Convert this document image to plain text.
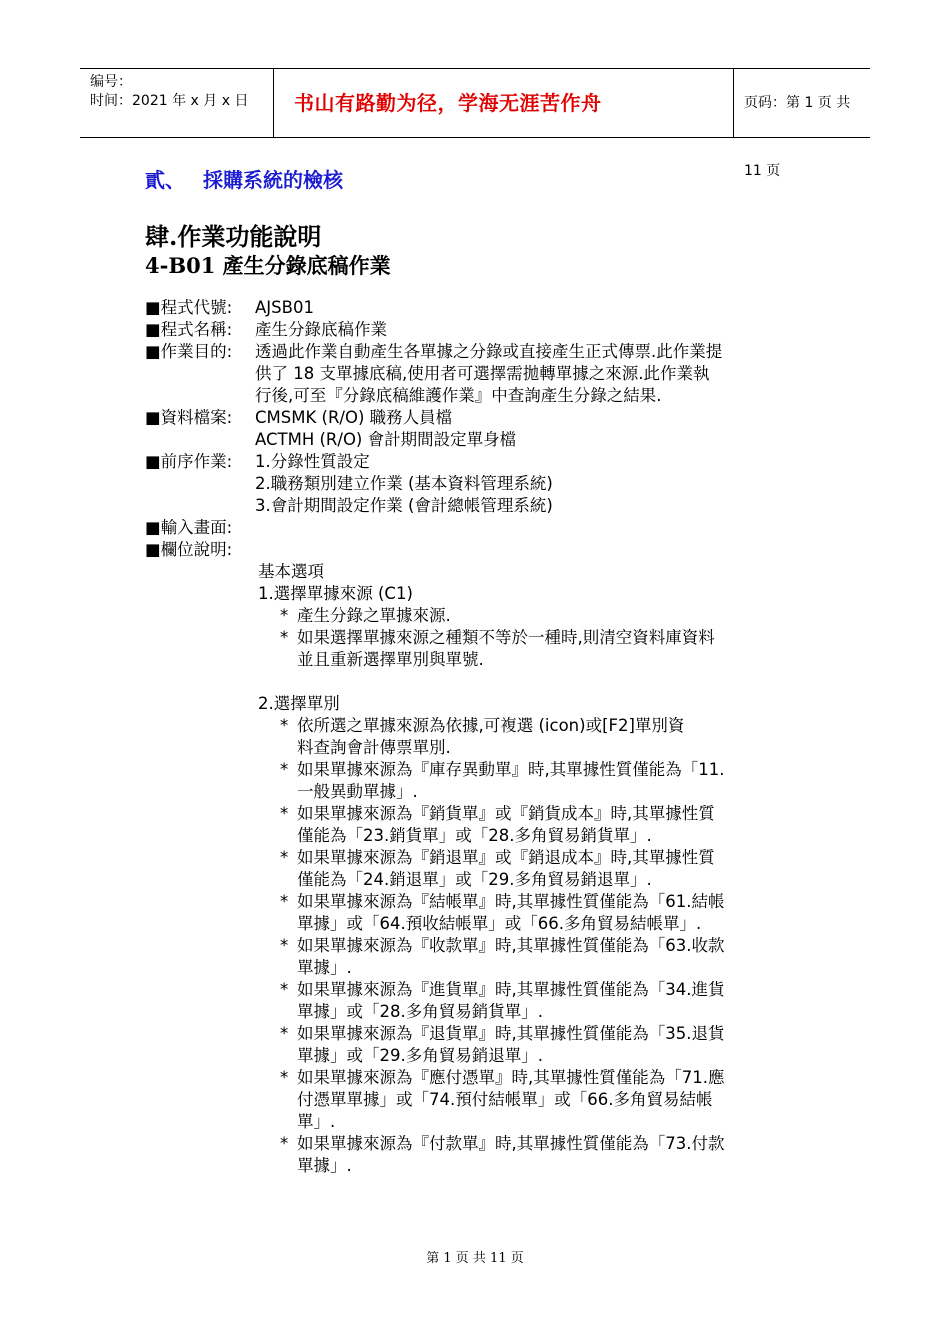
编号：
时间：2021 年 x 月 x 日	书山有路勤为径，学海无涯苦作舟	页码：第 1 页 共 11 页
貳、 採購系統的檢核
肆.作業功能說明
4-B01 產生分錄底稿作業
■程式代號: AJSB01
■程式名稱: 產生分錄底稿作業
■作業目的: 透過此作業自動產生各單據之分錄或直接產生正式傳票.此作業提
供了 18 支單據底稿,使用者可選擇需拋轉單據之來源.此作業執
行後,可至『分錄底稿維護作業』中查詢產生分錄之結果.
■資料檔案: CMSMK (R/O) 職務人員檔
ACTMH (R/O) 會計期間設定單身檔
■前序作業: 1.分錄性質設定
2.職務類別建立作業 (基本資料管理系統)
3.會計期間設定作業 (會計總帳管理系統)
■輸入畫面:
■欄位說明:
基本選項
1.選擇單據來源 (C1)
* 產生分錄之單據來源.
* 如果選擇單據來源之種類不等於一種時,則清空資料庫資料
並且重新選擇單別與單號.
2.選擇單別
* 依所選之單據來源為依據,可複選 (icon)或[F2]單別資
料查詢會計傳票單別.
* 如果單據來源為『庫存異動單』時,其單據性質僅能為「11.
一般異動單據」.
* 如果單據來源為『銷貨單』或『銷貨成本』時,其單據性質
僅能為「23.銷貨單」或「28.多角貿易銷貨單」.
* 如果單據來源為『銷退單』或『銷退成本』時,其單據性質
僅能為「24.銷退單」或「29.多角貿易銷退單」.
* 如果單據來源為『結帳單』時,其單據性質僅能為「61.結帳
單據」或「64.預收結帳單」或「66.多角貿易結帳單」.
* 如果單據來源為『收款單』時,其單據性質僅能為「63.收款
單據」.
* 如果單據來源為『進貨單』時,其單據性質僅能為「34.進貨
單據」或「28.多角貿易銷貨單」.
* 如果單據來源為『退貨單』時,其單據性質僅能為「35.退貨
單據」或「29.多角貿易銷退單」.
* 如果單據來源為『應付憑單』時,其單據性質僅能為「71.應
付憑單單據」或「74.預付結帳單」或「66.多角貿易結帳
單」.
* 如果單據來源為『付款單』時,其單據性質僅能為「73.付款
單據」.
第 1 页 共 11 页
